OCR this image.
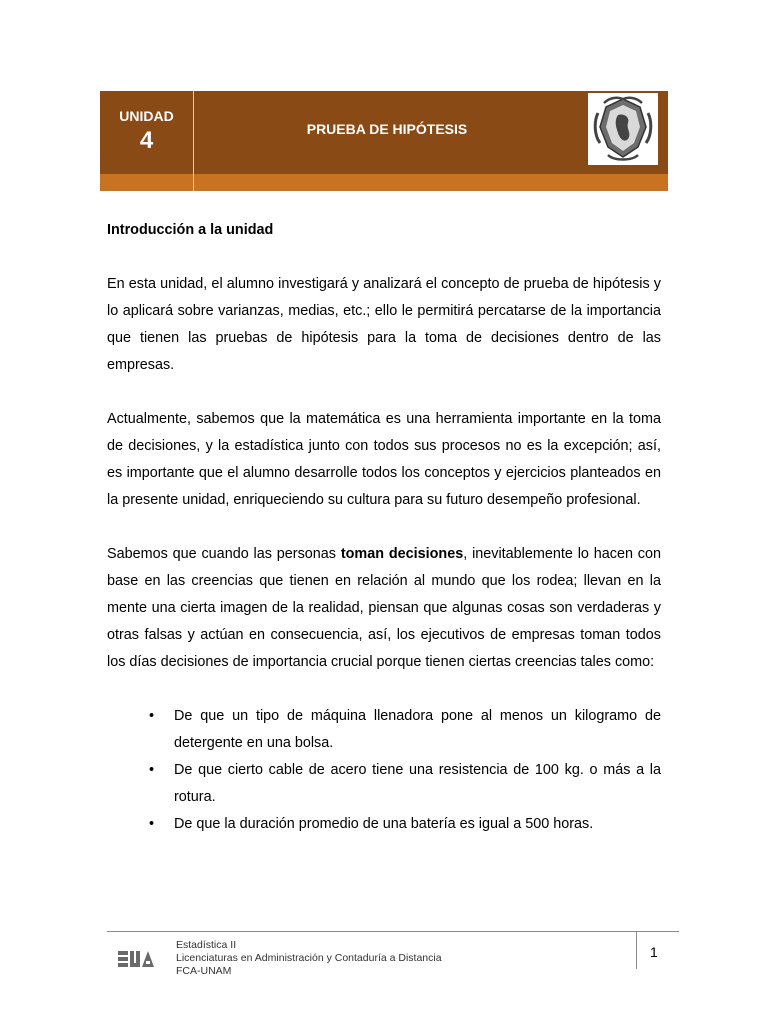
UNIDAD
4	PRUEBA DE HIPÓTESIS

Introducción a la unidad

En esta unidad, el alumno investigará y analizará el concepto de prueba de hipótesis y lo aplicará sobre varianzas, medias, etc.; ello le permitirá percatarse de la importancia que tienen las pruebas de hipótesis para la toma de decisiones dentro de las empresas.

Actualmente, sabemos que la matemática es una herramienta importante en la toma de decisiones, y la estadística junto con todos sus procesos no es la excepción; así, es importante que el alumno desarrolle todos los conceptos y ejercicios planteados en la presente unidad, enriqueciendo su cultura para su futuro desempeño profesional.

Sabemos que cuando las personas toman decisiones, inevitablemente lo hacen con base en las creencias que tienen en relación al mundo que los rodea; llevan en la mente una cierta imagen de la realidad, piensan que algunas cosas son verdaderas y otras falsas y actúan en consecuencia, así, los ejecutivos de empresas toman todos los días decisiones de importancia crucial porque tienen ciertas creencias tales como:

• De que un tipo de máquina llenadora pone al menos un kilogramo de detergente en una bolsa.
• De que cierto cable de acero tiene una resistencia de 100 kg. o más a la rotura.
• De que la duración promedio de una batería es igual a 500 horas.
Estadística II
Licenciaturas en Administración y Contaduría a Distancia
FCA-UNAM
1
